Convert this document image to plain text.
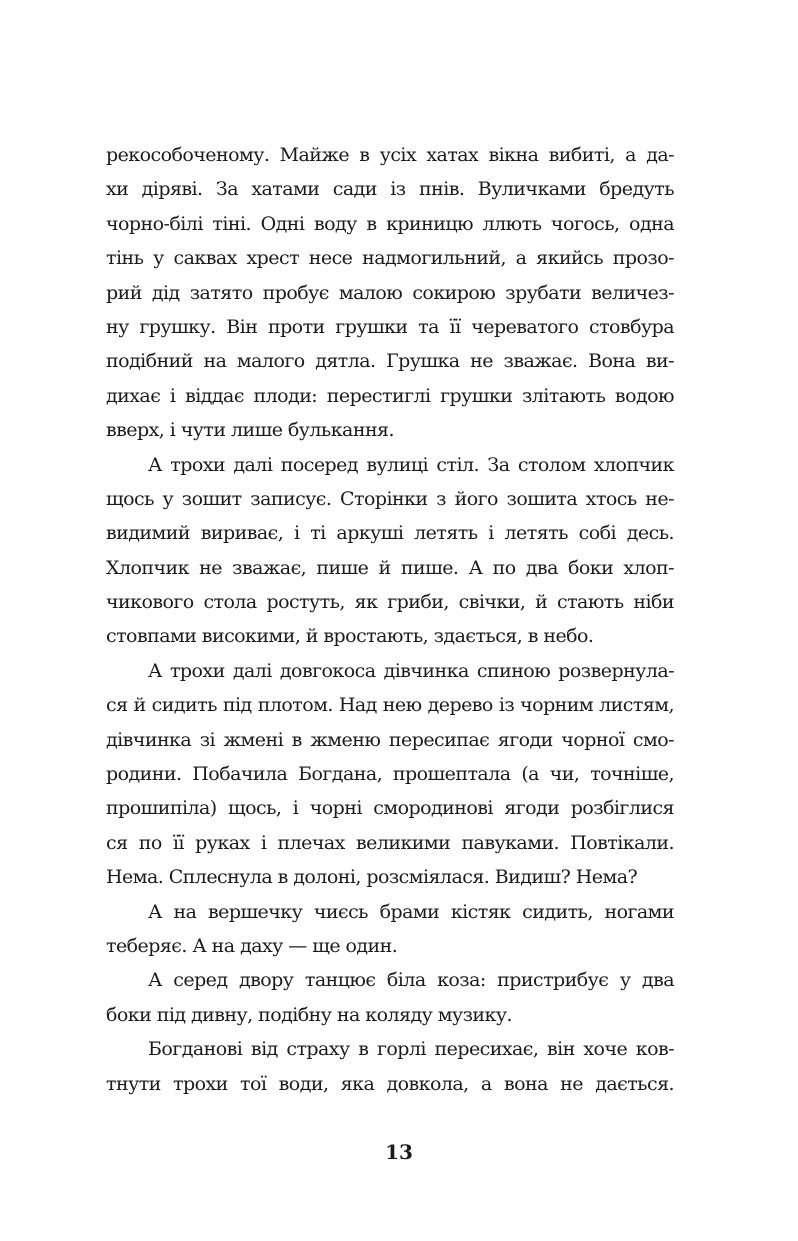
рекособоченому. Майже в усіх хатах вікна вибиті, а да-
хи діряві. За хатами сади із пнів. Вуличками бредуть
чорно-білі тіні. Одні воду в криницю ллють чогось, одна
тінь у саквах хрест несе надмогильний, а якийсь прозо-
рий дід затято пробує малою сокирою зрубати величез-
ну грушку. Він проти грушки та її череватого стовбура
подібний на малого дятла. Грушка не зважає. Вона ви-
дихає і віддає плоди: перестиглі грушки злітають водою
вверх, і чути лише булькання.
А трохи далі посеред вулиці стіл. За столом хлопчик
щось у зошит записує. Сторінки з його зошита хтось не-
видимий вириває, і ті аркуші летять і летять собі десь.
Хлопчик не зважає, пише й пише. А по два боки хлоп-
чикового стола ростуть, як гриби, свічки, й стають ніби
стовпами високими, й вростають, здається, в небо.
А трохи далі довгокоса дівчинка спиною розвернула-
ся й сидить під плотом. Над нею дерево із чорним листям,
дівчинка зі жмені в жменю пересипає ягоди чорної смо-
родини. Побачила Богдана, прошептала (а чи, точніше,
прошипіла) щось, і чорні смородинові ягоди розбіглися
ся по її руках і плечах великими павуками. Повтікали.
Нема. Сплеснула в долоні, розсміялася. Видиш? Нема?
А на вершечку чиєсь брами кістяк сидить, ногами
теберяє. А на даху — ще один.
А серед двору танцює біла коза: пристрибує у два
боки під дивну, подібну на коляду музику.
Богданові від страху в горлі пересихає, він хоче ков-
тнути трохи тої води, яка довкола, а вона не дається.
13
